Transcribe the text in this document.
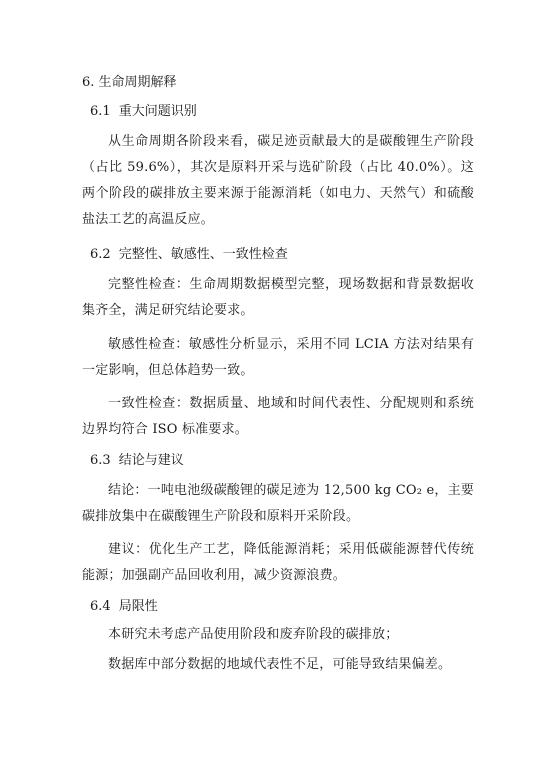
6. 生命周期解释
6.1 重大问题识别
从生命周期各阶段来看，碳足迹贡献最大的是碳酸锂生产阶段（占比 59.6%），其次是原料开采与选矿阶段（占比 40.0%）。这两个阶段的碳排放主要来源于能源消耗（如电力、天然气）和硫酸盐法工艺的高温反应。
6.2 完整性、敏感性、一致性检查
完整性检查：生命周期数据模型完整，现场数据和背景数据收集齐全，满足研究结论要求。
敏感性检查：敏感性分析显示，采用不同 LCIA 方法对结果有一定影响，但总体趋势一致。
一致性检查：数据质量、地域和时间代表性、分配规则和系统边界均符合 ISO 标准要求。
6.3 结论与建议
结论：一吨电池级碳酸锂的碳足迹为 12,500 kg CO₂ e，主要碳排放集中在碳酸锂生产阶段和原料开采阶段。
建议：优化生产工艺，降低能源消耗；采用低碳能源替代传统能源；加强副产品回收利用，减少资源浪费。
6.4 局限性
本研究未考虑产品使用阶段和废弃阶段的碳排放；
数据库中部分数据的地域代表性不足，可能导致结果偏差。
